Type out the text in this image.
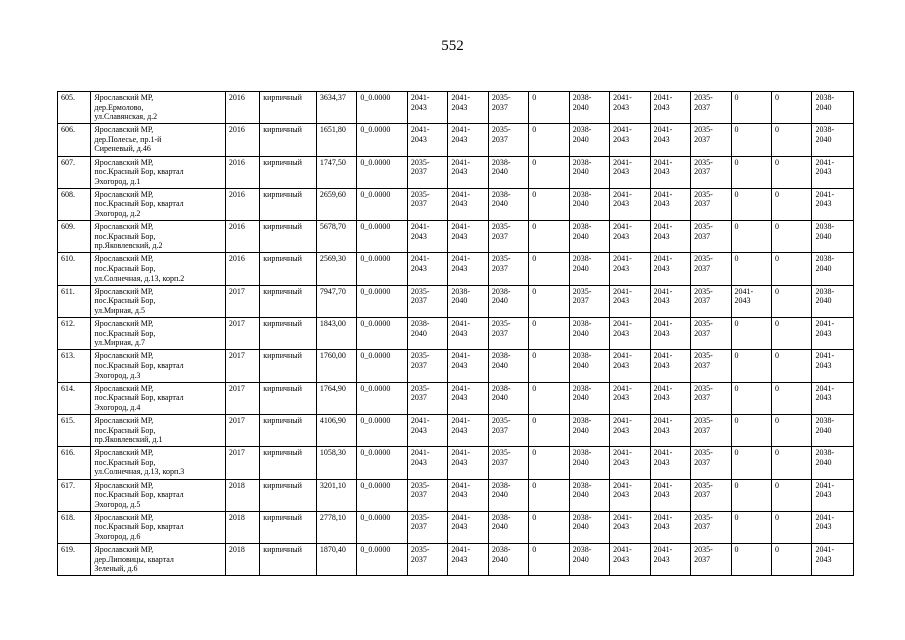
552
605.	Ярославский МР,
дер.Ермолово,
ул.Славянская, д.2	2016	кирпичный	3634,37	0_0.0000	2041-
2043	2041-
2043	2035-
2037	0	2038-
2040	2041-
2043	2041-
2043	2035-
2037	0	0	2038-
2040

606.	Ярославский МР,
дер.Полесье, пр.1-й
Сиреневый, д.46	2016	кирпичный	1651,80	0_0.0000	2041-
2043	2041-
2043	2035-
2037	0	2038-
2040	2041-
2043	2041-
2043	2035-
2037	0	0	2038-
2040

607.	Ярославский МР,
пос.Красный Бор, квартал
Эхогород, д.1	2016	кирпичный	1747,50	0_0.0000	2035-
2037	2041-
2043	2038-
2040	0	2038-
2040	2041-
2043	2041-
2043	2035-
2037	0	0	2041-
2043

608.	Ярославский МР,
пос.Красный Бор, квартал
Эхогород, д.2	2016	кирпичный	2659,60	0_0.0000	2035-
2037	2041-
2043	2038-
2040	0	2038-
2040	2041-
2043	2041-
2043	2035-
2037	0	0	2041-
2043

609.	Ярославский МР,
пос.Красный Бор,
пр.Яковлевский, д.2	2016	кирпичный	5678,70	0_0.0000	2041-
2043	2041-
2043	2035-
2037	0	2038-
2040	2041-
2043	2041-
2043	2035-
2037	0	0	2038-
2040

610.	Ярославский МР,
пос.Красный Бор,
ул.Солнечная, д.13, корп.2	2016	кирпичный	2569,30	0_0.0000	2041-
2043	2041-
2043	2035-
2037	0	2038-
2040	2041-
2043	2041-
2043	2035-
2037	0	0	2038-
2040

611.	Ярославский МР,
пос.Красный Бор,
ул.Мирная, д.5	2017	кирпичный	7947,70	0_0.0000	2035-
2037	2038-
2040	2038-
2040	0	2035-
2037	2041-
2043	2041-
2043	2035-
2037	2041-
2043	0	2038-
2040

612.	Ярославский МР,
пос.Красный Бор,
ул.Мирная, д.7	2017	кирпичный	1843,00	0_0.0000	2038-
2040	2041-
2043	2035-
2037	0	2038-
2040	2041-
2043	2041-
2043	2035-
2037	0	0	2041-
2043

613.	Ярославский МР,
пос.Красный Бор, квартал
Эхогород, д.3	2017	кирпичный	1760,00	0_0.0000	2035-
2037	2041-
2043	2038-
2040	0	2038-
2040	2041-
2043	2041-
2043	2035-
2037	0	0	2041-
2043

614.	Ярославский МР,
пос.Красный Бор, квартал
Эхогород, д.4	2017	кирпичный	1764,90	0_0.0000	2035-
2037	2041-
2043	2038-
2040	0	2038-
2040	2041-
2043	2041-
2043	2035-
2037	0	0	2041-
2043

615.	Ярославский МР,
пос.Красный Бор,
пр.Яковлевский, д.1	2017	кирпичный	4106,90	0_0.0000	2041-
2043	2041-
2043	2035-
2037	0	2038-
2040	2041-
2043	2041-
2043	2035-
2037	0	0	2038-
2040

616.	Ярославский МР,
пос.Красный Бор,
ул.Солнечная, д.13, корп.3	2017	кирпичный	1058,30	0_0.0000	2041-
2043	2041-
2043	2035-
2037	0	2038-
2040	2041-
2043	2041-
2043	2035-
2037	0	0	2038-
2040

617.	Ярославский МР,
пос.Красный Бор, квартал
Эхогород, д.5	2018	кирпичный	3201,10	0_0.0000	2035-
2037	2041-
2043	2038-
2040	0	2038-
2040	2041-
2043	2041-
2043	2035-
2037	0	0	2041-
2043

618.	Ярославский МР,
пос.Красный Бор, квартал
Эхогород, д.6	2018	кирпичный	2778,10	0_0.0000	2035-
2037	2041-
2043	2038-
2040	0	2038-
2040	2041-
2043	2041-
2043	2035-
2037	0	0	2041-
2043

619.	Ярославский МР,
дер.Липовицы, квартал
Зеленый, д.6	2018	кирпичный	1870,40	0_0.0000	2035-
2037	2041-
2043	2038-
2040	0	2038-
2040	2041-
2043	2041-
2043	2035-
2037	0	0	2041-
2043
